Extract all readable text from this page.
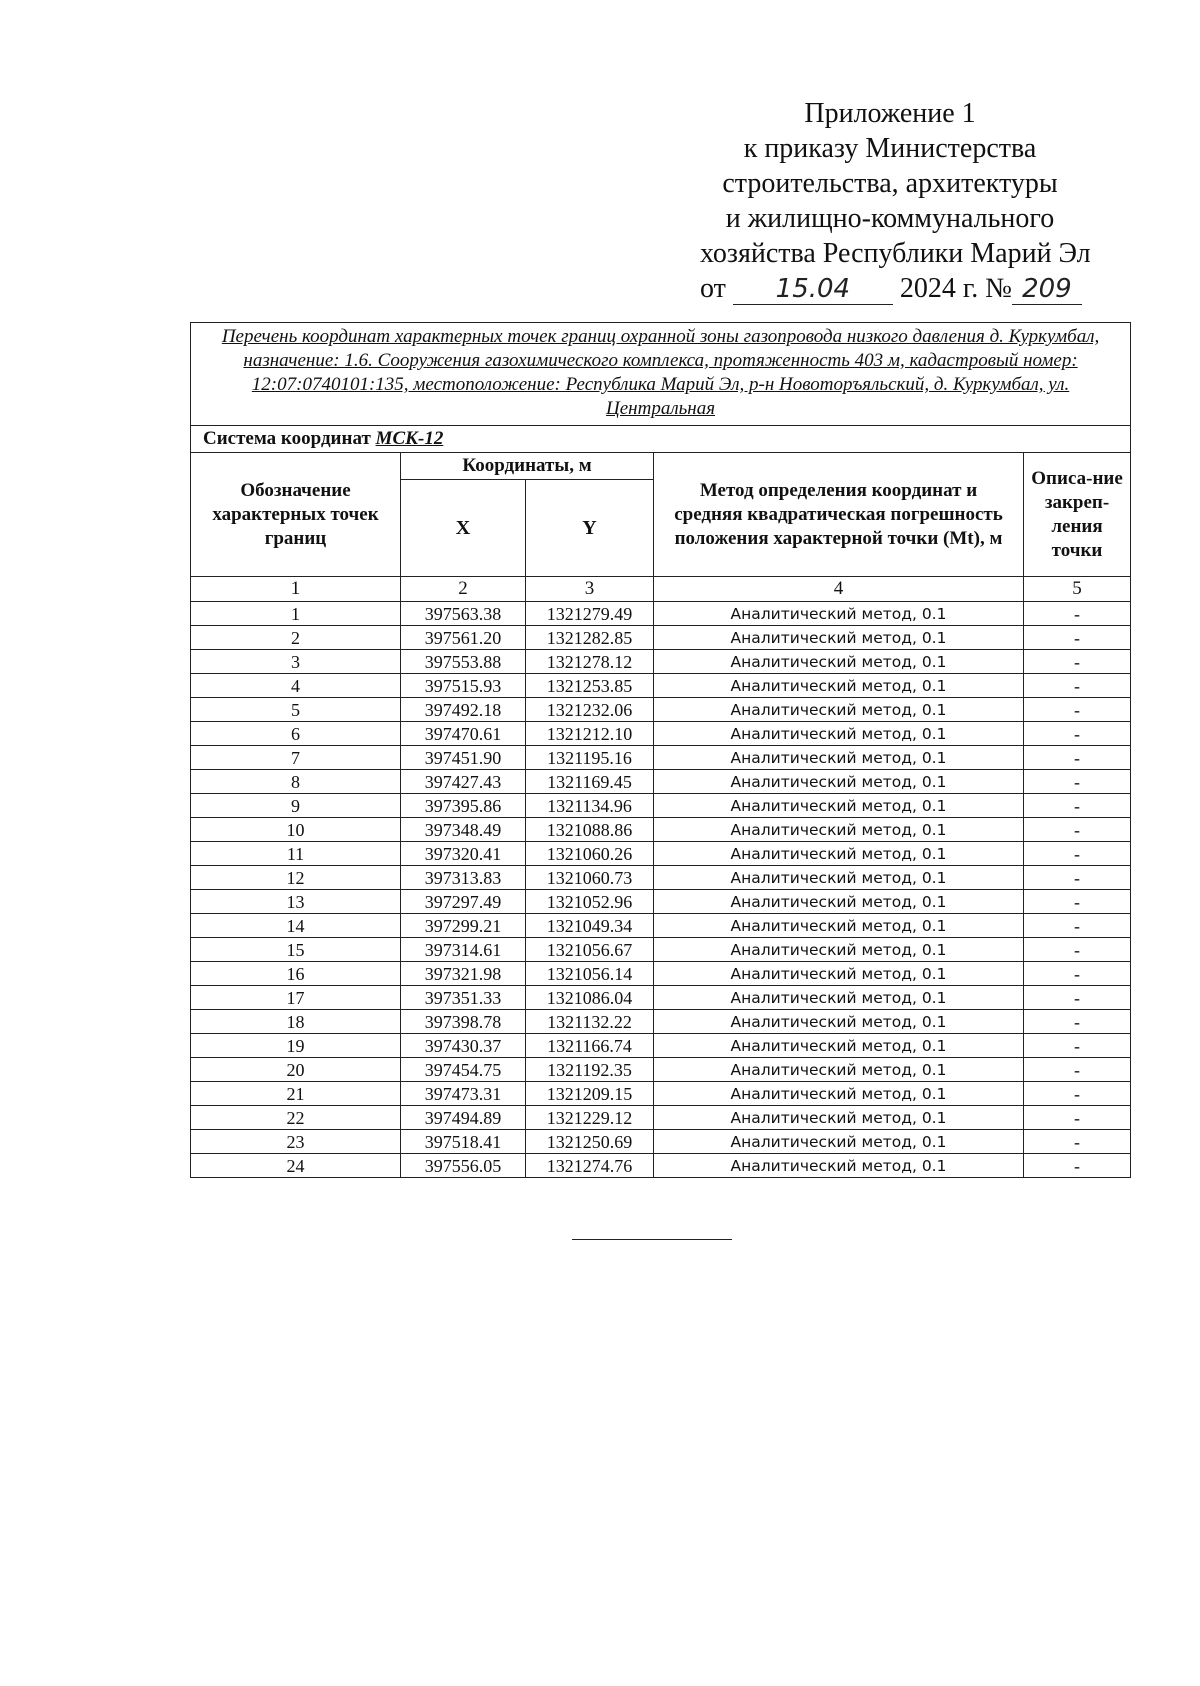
Приложение 1
к приказу Министерства
строительства, архитектуры
и жилищно-коммунального
хозяйства Республики Марий Эл
от 15.04 2024 г. № 209
Перечень координат характерных точек границ охранной зоны газопровода низкого давления д. Куркумбал, назначение: 1.6. Сооружения газохимического комплекса, протяженность 403 м, кадастровый номер: 12:07:0740101:135, местоположение: Республика Марий Эл, р-н Новоторъяльский, д. Куркумбал, ул. Центральная				
Система координат МСК-12				
Обозначение характерных точек границ	Координаты, м		Метод определения координат и средняя квадратическая погрешность положения характерной точки (Mt), м	Описа-ние закреп-ления точки
	X	Y		
1	2	3	4	5
1	397563.38	1321279.49	Аналитический метод, 0.1	-
2	397561.20	1321282.85	Аналитический метод, 0.1	-
3	397553.88	1321278.12	Аналитический метод, 0.1	-
4	397515.93	1321253.85	Аналитический метод, 0.1	-
5	397492.18	1321232.06	Аналитический метод, 0.1	-
6	397470.61	1321212.10	Аналитический метод, 0.1	-
7	397451.90	1321195.16	Аналитический метод, 0.1	-
8	397427.43	1321169.45	Аналитический метод, 0.1	-
9	397395.86	1321134.96	Аналитический метод, 0.1	-
10	397348.49	1321088.86	Аналитический метод, 0.1	-
11	397320.41	1321060.26	Аналитический метод, 0.1	-
12	397313.83	1321060.73	Аналитический метод, 0.1	-
13	397297.49	1321052.96	Аналитический метод, 0.1	-
14	397299.21	1321049.34	Аналитический метод, 0.1	-
15	397314.61	1321056.67	Аналитический метод, 0.1	-
16	397321.98	1321056.14	Аналитический метод, 0.1	-
17	397351.33	1321086.04	Аналитический метод, 0.1	-
18	397398.78	1321132.22	Аналитический метод, 0.1	-
19	397430.37	1321166.74	Аналитический метод, 0.1	-
20	397454.75	1321192.35	Аналитический метод, 0.1	-
21	397473.31	1321209.15	Аналитический метод, 0.1	-
22	397494.89	1321229.12	Аналитический метод, 0.1	-
23	397518.41	1321250.69	Аналитический метод, 0.1	-
24	397556.05	1321274.76	Аналитический метод, 0.1	-
